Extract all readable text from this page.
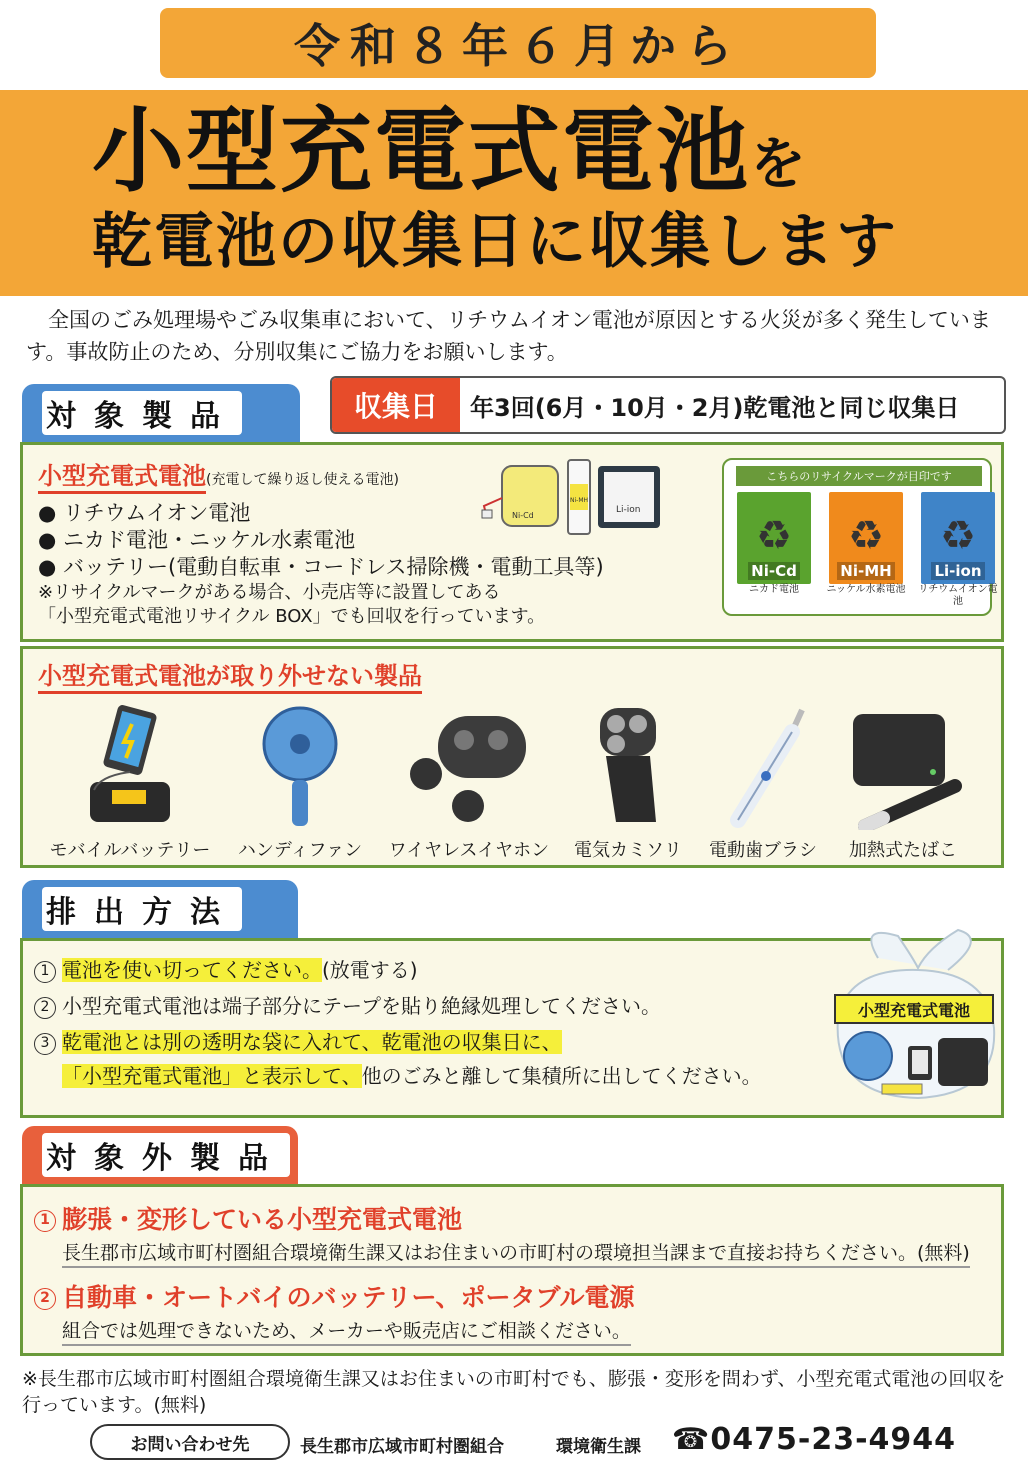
令和８年６月から
小型充電式電池を
乾電池の収集日に収集します

全国のごみ処理場やごみ収集車において、リチウムイオン電池が原因とする火災が多く発生しています。事故防止のため、分別収集にご協力をお願いします。

対象製品	収集日	年3回(6月・10月・2月)乾電池と同じ収集日
小型充電式電池 (充電して繰り返し使える電池)
● リチウムイオン電池
● ニカド電池・ニッケル水素電池
● バッテリー(電動自転車・コードレス掃除機・電動工具等)
※リサイクルマークがある場合、小売店等に設置してある
「小型充電式電池リサイクル BOX」でも回収を行っています。
Ni-Cd
Ni-MH
Li-ion
こちらのリサイクルマークが目印です
♻
Ni-Cd
ニカド電池
♻
Ni-MH
ニッケル水素電池
♻
Li-ion
リチウムイオン電池
小型充電式電池が取り外せない製品
モバイルバッテリー ハンディファン ワイヤレスイヤホン 電気カミソリ 電動歯ブラシ 加熱式たばこ
排出方法
1 電池を使い切ってください。(放電する)
2 小型充電式電池は端子部分にテープを貼り絶縁処理してください。
3 乾電池とは別の透明な袋に入れて、乾電池の収集日に、
「小型充電式電池」と表示して、他のごみと離して集積所に出してください。
小型充電式電池
対象外製品
1 膨張・変形している小型充電式電池
長生郡市広域市町村圏組合環境衛生課又はお住まいの市町村の環境担当課まで直接お持ちください。(無料)
2 自動車・オートバイのバッテリー、ポータブル電源
組合では処理できないため、メーカーや販売店にご相談ください。

※長生郡市広域市町村圏組合環境衛生課又はお住まいの市町村でも、膨張・変形を問わず、小型充電式電池の回収を行っています。(無料)

お問い合わせ先	長生郡市広域市町村圏組合	環境衛生課 ☎0475-23-4944
